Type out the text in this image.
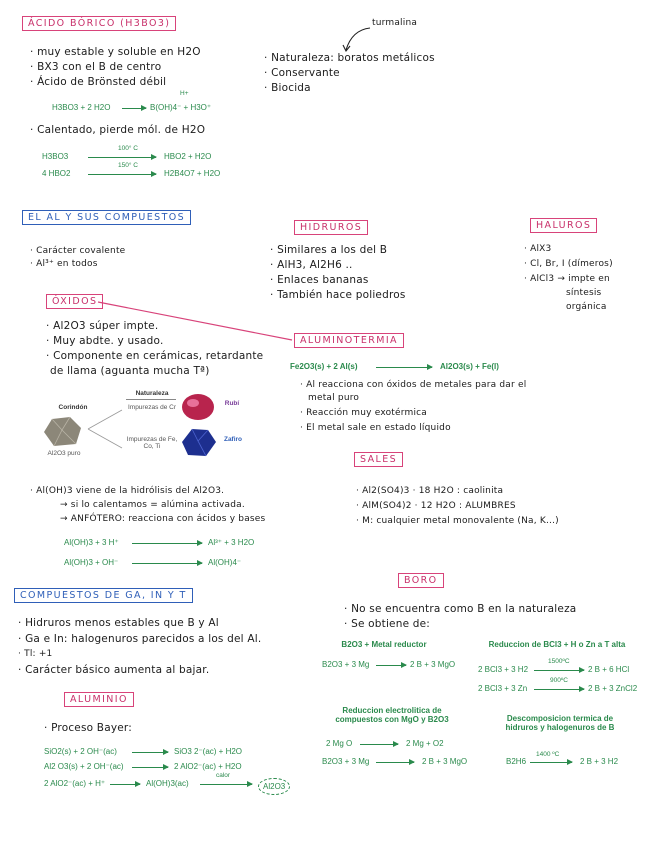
ÁCIDO BÓRICO (H3BO3)
· muy estable y soluble en H2O
· BX3 con el B de centro
· Ácido de Brönsted débil
H+
H3BO3 + 2 H2O	B(OH)4⁻ + H3O⁺
· Calentado, pierde mól. de H2O
100° C
H3BO3	HBO2 + H2O
150° C
4 HBO2	H2B4O7 + H2O
· Naturaleza: boratos metálicos
· Conservante
· Biocida
turmalina
EL AL Y SUS COMPUESTOS
· Carácter covalente
· Al³⁺ en todos
HIDRUROS
· Similares a los del B
· AlH3, Al2H6 ..
· Enlaces bananas
· También hace poliedros
HALUROS
· AlX3
· Cl, Br, I (dímeros)
· AlCl3 → impte en
síntesis
orgánica
ÓXIDOS
· Al2O3 súper impte.
· Muy abdte. y usado.
· Componente en cerámicas, retardante
de llama (aguanta mucha Tª)
Corindón
Naturaleza
Al2O3 puro
Impurezas de Cr
Impurezas de Fe, Co, Ti
Rubí
Zafiro
ALUMINOTERMIA
Fe2O3(s) + 2 Al(s)	Al2O3(s) + Fe(l)
· Al reacciona con óxidos de metales para dar el
metal puro
· Reacción muy exotérmica
· El metal sale en estado líquido
SALES
· Al2(SO4)3 · 18 H2O : caolinita
· AlM(SO4)2 · 12 H2O : ALUMBRES
· M: cualquier metal monovalente (Na, K...)
· Al(OH)3 viene de la hidrólisis del Al2O3.
→ si lo calentamos = alúmina activada.
→ ANFÓTERO: reacciona con ácidos y bases
Al(OH)3 + 3 H⁺	Al³⁺ + 3 H2O
Al(OH)3 + OH⁻	Al(OH)4⁻
COMPUESTOS DE GA, IN Y T
· Hidruros menos estables que B y Al
· Ga e In: halogenuros parecidos a los del Al.
· Tl: +1
· Carácter básico aumenta al bajar.
ALUMINIO
· Proceso Bayer:
SiO2(s) + 2 OH⁻(ac)	SiO3 2⁻(ac) + H2O
Al2 O3(s) + 2 OH⁻(ac)	2 AlO2⁻(ac) + H2O
2 AlO2⁻(ac) + H⁺	Al(OH)3(ac)
calor
Al2O3
BORO
· No se encuentra como B en la naturaleza
· Se obtiene de:
B2O3 + Metal reductor
B2O3 + 3 Mg	2 B + 3 MgO
Reduccion de BCl3 + H o Zn a T alta
1500ºC
2 BCl3 + 3 H2	2 B + 6 HCl
900ºC
2 BCl3 + 3 Zn	2 B + 3 ZnCl2
Reduccion electrolitica de compuestos con MgO y B2O3
2 Mg O	2 Mg + O2
B2O3 + 3 Mg	2 B + 3 MgO
Descomposicion termica de hidruros y halogenuros de B
1400 ºC
B2H6	2 B + 3 H2
